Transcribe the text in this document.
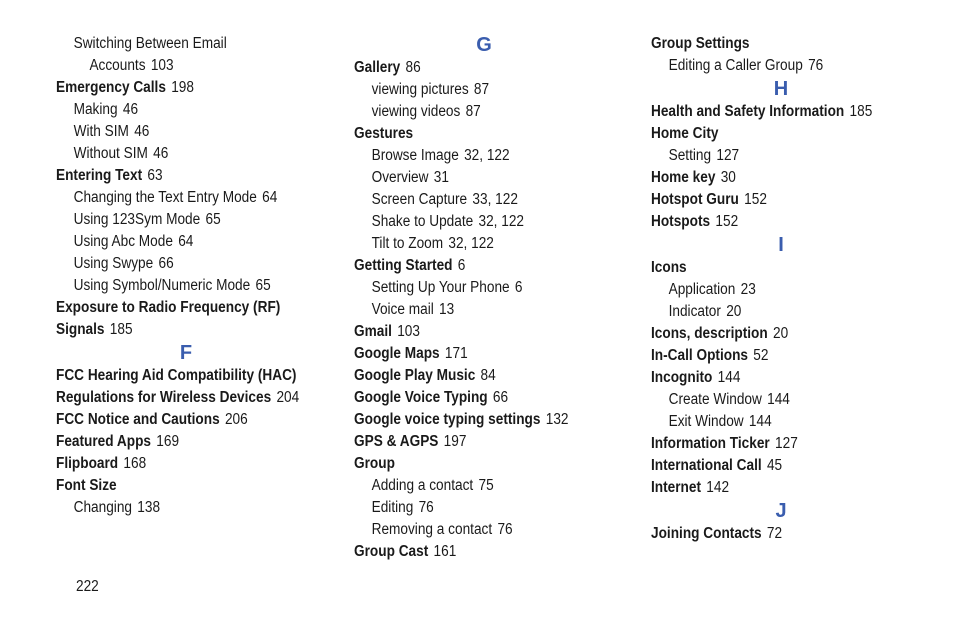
Switching Between Email
Accounts 103
Emergency Calls 198
Making 46
With SIM 46
Without SIM 46
Entering Text 63
Changing the Text Entry Mode 64
Using 123Sym Mode 65
Using Abc Mode 64
Using Swype 66
Using Symbol/Numeric Mode 65
Exposure to Radio Frequency (RF)
Signals 185
F
FCC Hearing Aid Compatibility (HAC)
Regulations for Wireless Devices 204
FCC Notice and Cautions 206
Featured Apps 169
Flipboard 168
Font Size
Changing 138
G
Gallery 86
viewing pictures 87
viewing videos 87
Gestures
Browse Image 32, 122
Overview 31
Screen Capture 33, 122
Shake to Update 32, 122
Tilt to Zoom 32, 122
Getting Started 6
Setting Up Your Phone 6
Voice mail 13
Gmail 103
Google Maps 171
Google Play Music 84
Google Voice Typing 66
Google voice typing settings 132
GPS & AGPS 197
Group
Adding a contact 75
Editing 76
Removing a contact 76
Group Cast 161
Group Settings
Editing a Caller Group 76
H
Health and Safety Information 185
Home City
Setting 127
Home key 30
Hotspot Guru 152
Hotspots 152
I
Icons
Application 23
Indicator 20
Icons, description 20
In-Call Options 52
Incognito 144
Create Window 144
Exit Window 144
Information Ticker 127
International Call 45
Internet 142
J
Joining Contacts 72
222
